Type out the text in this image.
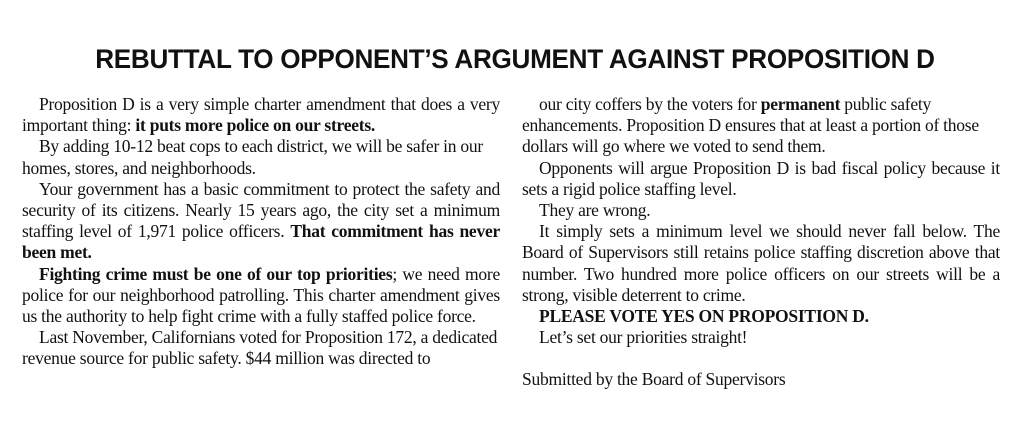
REBUTTAL TO OPPONENT’S ARGUMENT AGAINST PROPOSITION D

Proposition D is a very simple charter amendment that does a very important thing: it puts more police on our streets.

By adding 10-12 beat cops to each district, we will be safer in our homes, stores, and neighborhoods.

Your government has a basic commitment to protect the safety and security of its citizens. Nearly 15 years ago, the city set a minimum staffing level of 1,971 police officers. That commitment has never been met.

Fighting crime must be one of our top priorities; we need more police for our neighborhood patrolling. This charter amendment gives us the authority to help fight crime with a fully staffed police force.

Last November, Californians voted for Proposition 172, a dedicated revenue source for public safety. $44 million was directed to

our city coffers by the voters for permanent public safety enhancements. Proposition D ensures that at least a portion of those dollars will go where we voted to send them.

Opponents will argue Proposition D is bad fiscal policy because it sets a rigid police staffing level.

They are wrong.

It simply sets a minimum level we should never fall below. The Board of Supervisors still retains police staffing discretion above that number. Two hundred more police officers on our streets will be a strong, visible deterrent to crime.

PLEASE VOTE YES ON PROPOSITION D.

Let’s set our priorities straight!

Submitted by the Board of Supervisors
